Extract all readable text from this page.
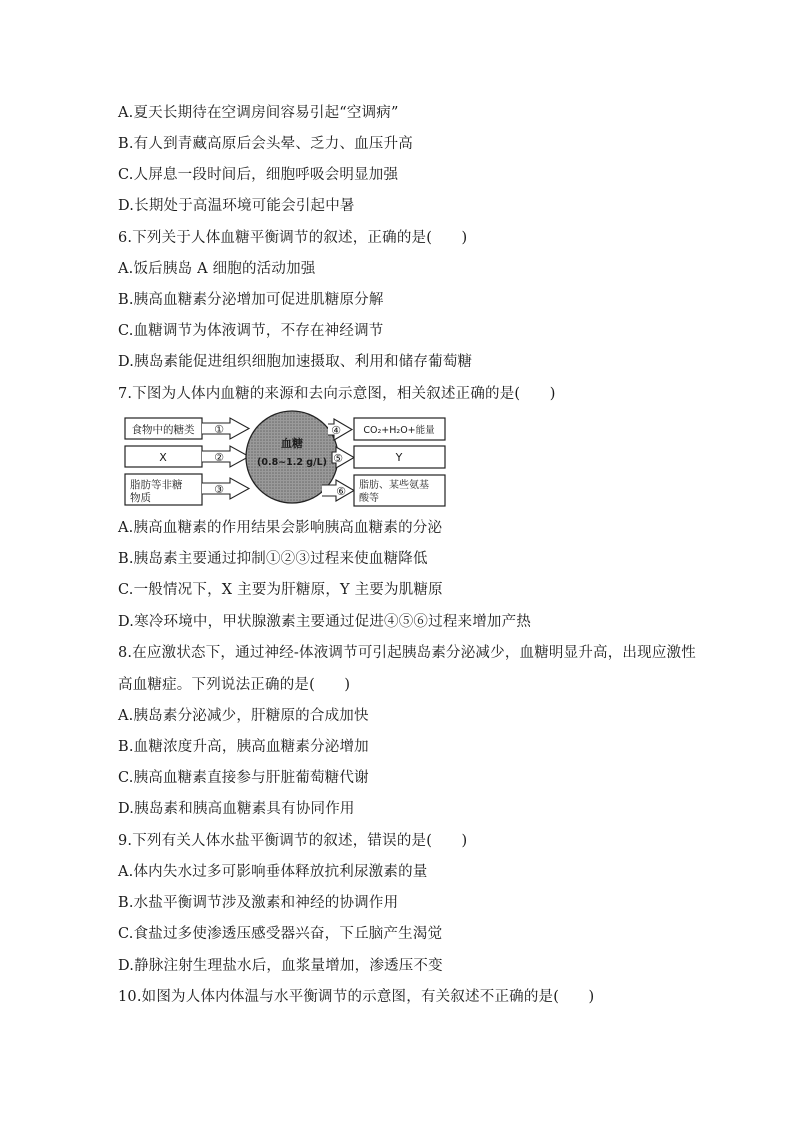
A.夏天长期待在空调房间容易引起“空调病”
B.有人到青藏高原后会头晕、乏力、血压升高
C.人屏息一段时间后，细胞呼吸会明显加强
D.长期处于高温环境可能会引起中暑
6.下列关于人体血糖平衡调节的叙述，正确的是(　　)
A.饭后胰岛 A 细胞的活动加强
B.胰高血糖素分泌增加可促进肌糖原分解
C.血糖调节为体液调节，不存在神经调节
D.胰岛素能促进组织细胞加速摄取、利用和储存葡萄糖
7.下图为人体内血糖的来源和去向示意图，相关叙述正确的是(　　)
食物中的糖类
X
脂肪等非糖
物质
①
②
③
血糖
(0.8~1.2 g/L)
④
⑤
⑥
CO₂+H₂O+能量
Y
脂肪、某些氨基
酸等
A.胰高血糖素的作用结果会影响胰高血糖素的分泌
B.胰岛素主要通过抑制①②③过程来使血糖降低
C.一般情况下，X 主要为肝糖原，Y 主要为肌糖原
D.寒冷环境中，甲状腺激素主要通过促进④⑤⑥过程来增加产热
8.在应激状态下，通过神经-体液调节可引起胰岛素分泌减少，血糖明显升高，出现应激性
高血糖症。下列说法正确的是(　　)
A.胰岛素分泌减少，肝糖原的合成加快
B.血糖浓度升高，胰高血糖素分泌增加
C.胰高血糖素直接参与肝脏葡萄糖代谢
D.胰岛素和胰高血糖素具有协同作用
9.下列有关人体水盐平衡调节的叙述，错误的是(　　)
A.体内失水过多可影响垂体释放抗利尿激素的量
B.水盐平衡调节涉及激素和神经的协调作用
C.食盐过多使渗透压感受器兴奋，下丘脑产生渴觉
D.静脉注射生理盐水后，血浆量增加，渗透压不变
10.如图为人体内体温与水平衡调节的示意图，有关叙述不正确的是(　　)
